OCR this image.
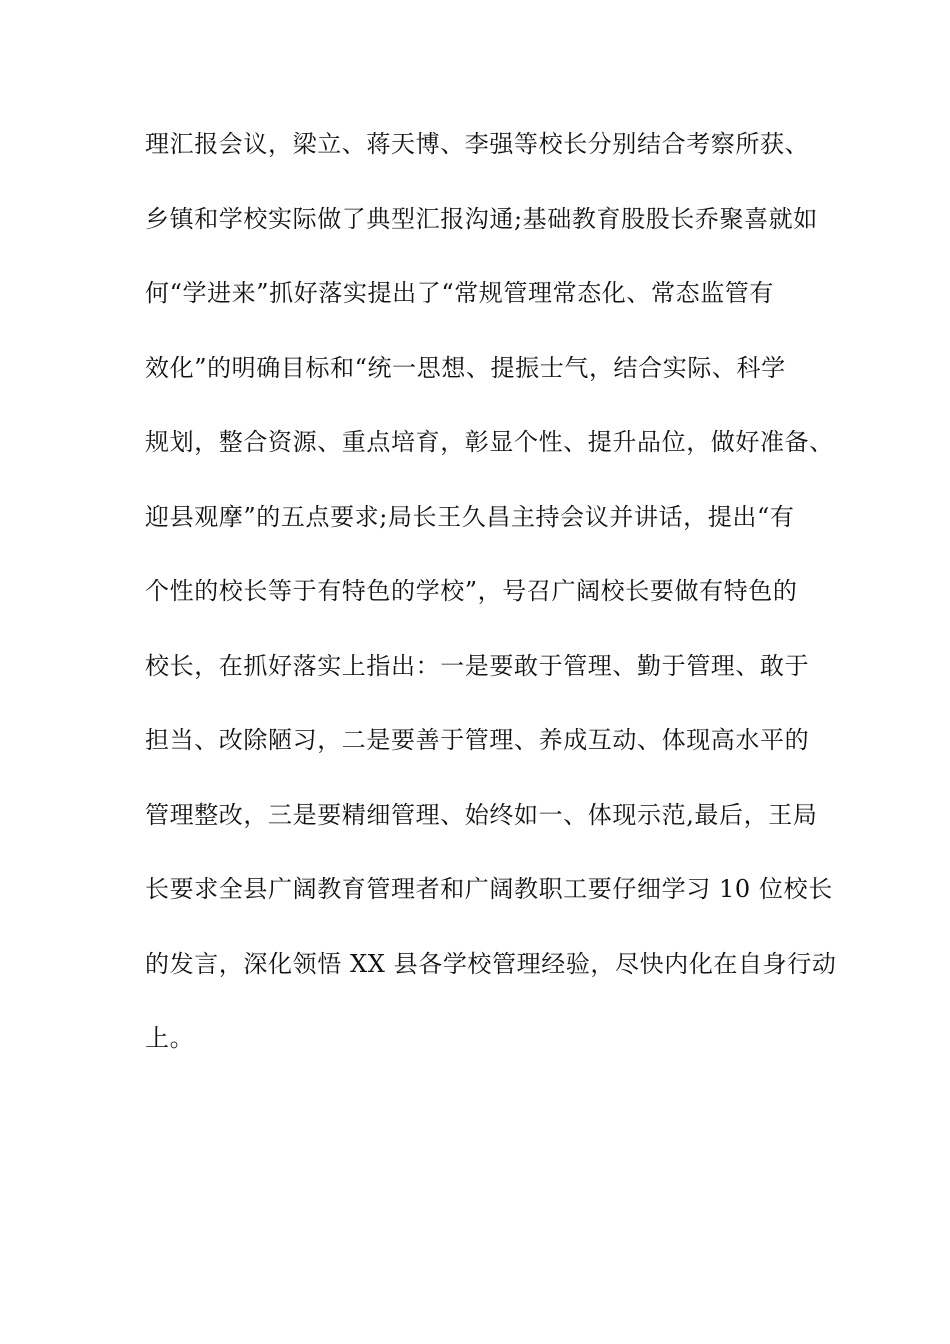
理汇报会议，梁立、蒋天博、李强等校长分别结合考察所获、
乡镇和学校实际做了典型汇报沟通;基础教育股股长乔聚喜就如
何“学进来”抓好落实提出了“常规管理常态化、常态监管有
效化”的明确目标和“统一思想、提振士气，结合实际、科学
规划，整合资源、重点培育，彰显个性、提升品位，做好准备、
迎县观摩”的五点要求;局长王久昌主持会议并讲话，提出“有
个性的校长等于有特色的学校”，号召广阔校长要做有特色的
校长，在抓好落实上指出：一是要敢于管理、勤于管理、敢于
担当、改除陋习，二是要善于管理、养成互动、体现高水平的
管理整改，三是要精细管理、始终如一、体现示范,最后，王局
长要求全县广阔教育管理者和广阔教职工要仔细学习 10 位校长
的发言，深化领悟 XX 县各学校管理经验，尽快内化在自身行动
上。
